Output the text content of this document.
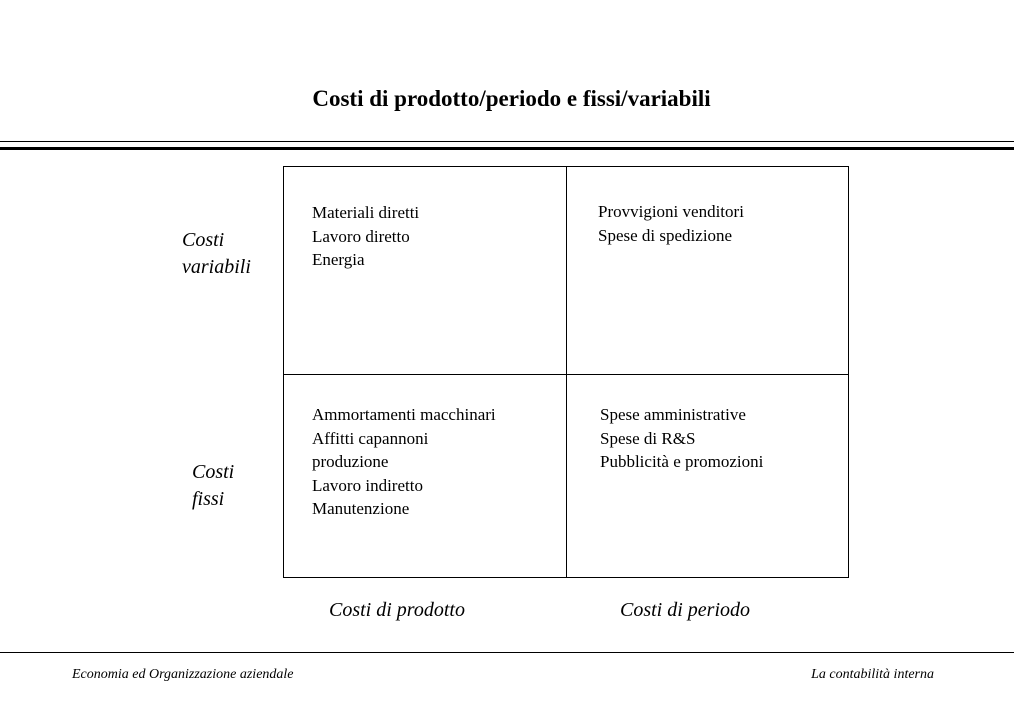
Costi di prodotto/periodo e fissi/variabili
Costi
variabili
Costi
fissi
Materiali diretti
Lavoro diretto
Energia
Provvigioni venditori
Spese di spedizione
Ammortamenti macchinari
Affitti capannoni
produzione
Lavoro indiretto
Manutenzione
Spese amministrative
Spese di R&S
Pubblicità e promozioni
Costi di prodotto	Costi di periodo
Economia ed Organizzazione aziendale	La contabilità interna
